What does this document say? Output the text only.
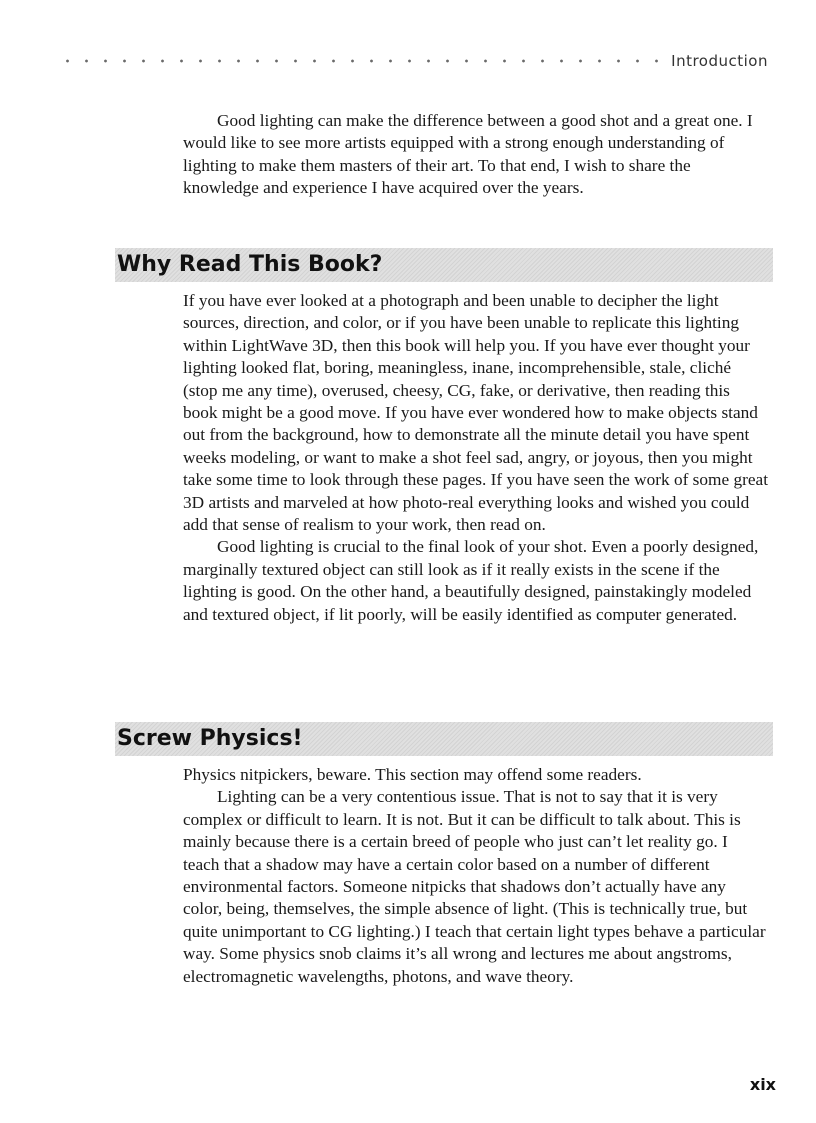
Introduction

Good lighting can make the difference between a good shot and a great one. I would like to see more artists equipped with a strong enough understanding of lighting to make them masters of their art. To that end, I wish to share the knowledge and experience I have acquired over the years.

Why Read This Book?

If you have ever looked at a photograph and been unable to decipher the light sources, direction, and color, or if you have been unable to replicate this lighting within LightWave 3D, then this book will help you. If you have ever thought your lighting looked flat, boring, meaningless, inane, incomprehensible, stale, cliché (stop me any time), overused, cheesy, CG, fake, or derivative, then reading this book might be a good move. If you have ever wondered how to make objects stand out from the background, how to demonstrate all the minute detail you have spent weeks modeling, or want to make a shot feel sad, angry, or joyous, then you might take some time to look through these pages. If you have seen the work of some great 3D artists and marveled at how photo-real everything looks and wished you could add that sense of realism to your work, then read on.

Good lighting is crucial to the final look of your shot. Even a poorly designed, marginally textured object can still look as if it really exists in the scene if the lighting is good. On the other hand, a beautifully designed, painstakingly modeled and textured object, if lit poorly, will be easily identified as computer generated.

Screw Physics!

Physics nitpickers, beware. This section may offend some readers.

Lighting can be a very contentious issue. That is not to say that it is very complex or difficult to learn. It is not. But it can be difficult to talk about. This is mainly because there is a certain breed of people who just can’t let reality go. I teach that a shadow may have a certain color based on a number of different environmental factors. Someone nitpicks that shadows don’t actually have any color, being, themselves, the simple absence of light. (This is technically true, but quite unimportant to CG lighting.) I teach that certain light types behave a particular way. Some physics snob claims it’s all wrong and lectures me about angstroms, electromagnetic wavelengths, photons, and wave theory.

xix
